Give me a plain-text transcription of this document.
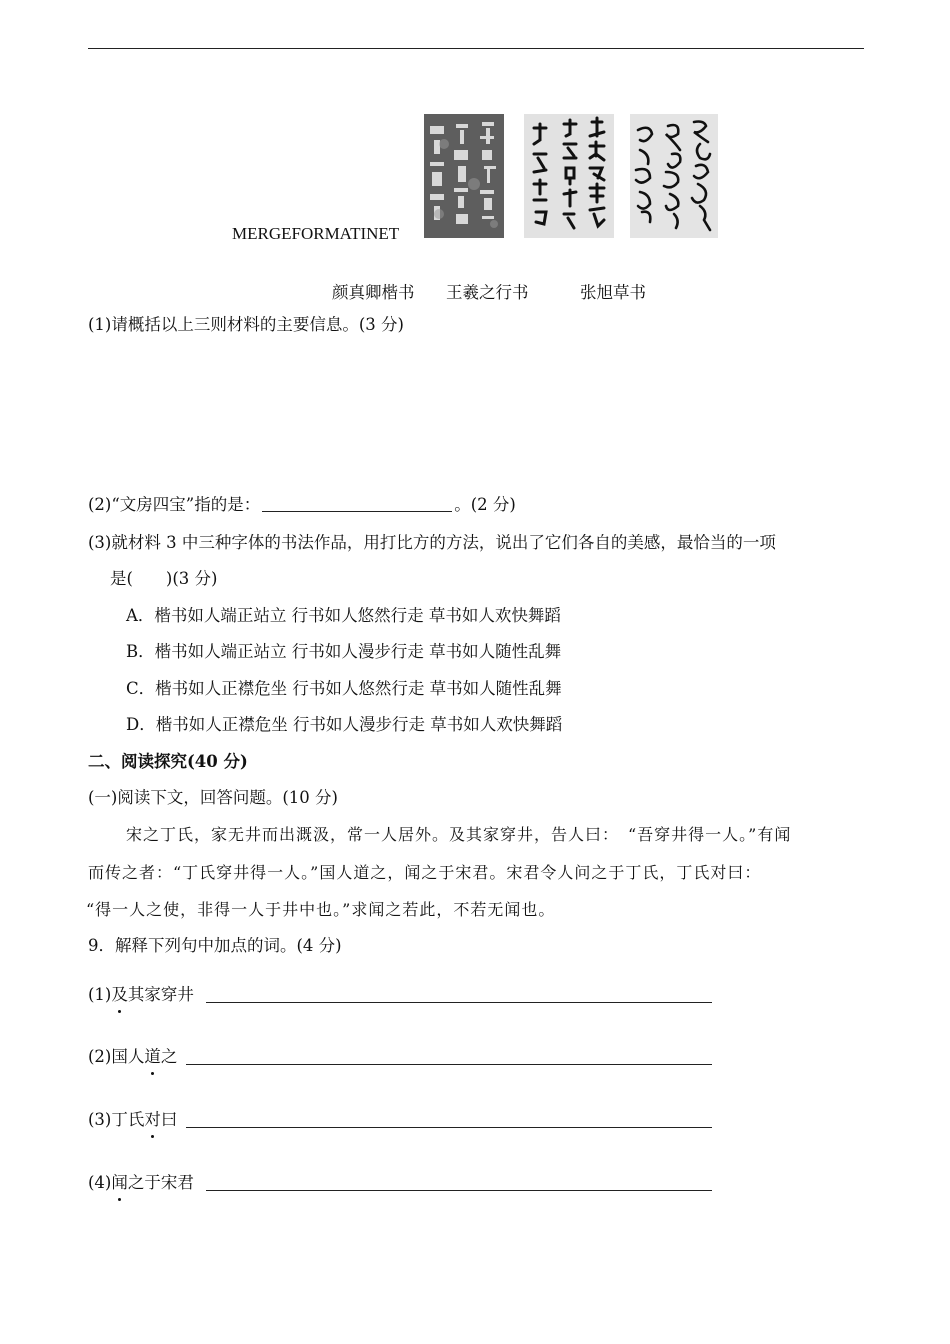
MERGEFORMATINET
颜真卿楷书 王羲之行书	张旭草书
(1)请概括以上三则材料的主要信息。(3 分)
(2)“文房四宝”指的是：	。(2 分)
(3)就材料 3 中三种字体的书法作品，用打比方的方法，说出了它们各自的美感，最恰当的一项
是(　　)(3 分)
A．楷书如人端正站立 行书如人悠然行走 草书如人欢快舞蹈
B．楷书如人端正站立 行书如人漫步行走 草书如人随性乱舞
C．楷书如人正襟危坐 行书如人悠然行走 草书如人随性乱舞
D．楷书如人正襟危坐 行书如人漫步行走 草书如人欢快舞蹈
二、阅读探究(40 分)
(一)阅读下文，回答问题。(10 分)
宋之丁氏，家无井而出溉汲，常一人居外。及其家穿井，告人曰：　“吾穿井得一人。”有闻
而传之者：“丁氏穿井得一人。”国人道之，闻之于宋君。宋君令人问之于丁氏，丁氏对曰：
“得一人之使，非得一人于井中也。”求闻之若此，不若无闻也。
9．解释下列句中加点的词。(4 分)
(1)及其家穿井
(2)国人道之
(3)丁氏对曰
(4)闻之于宋君
